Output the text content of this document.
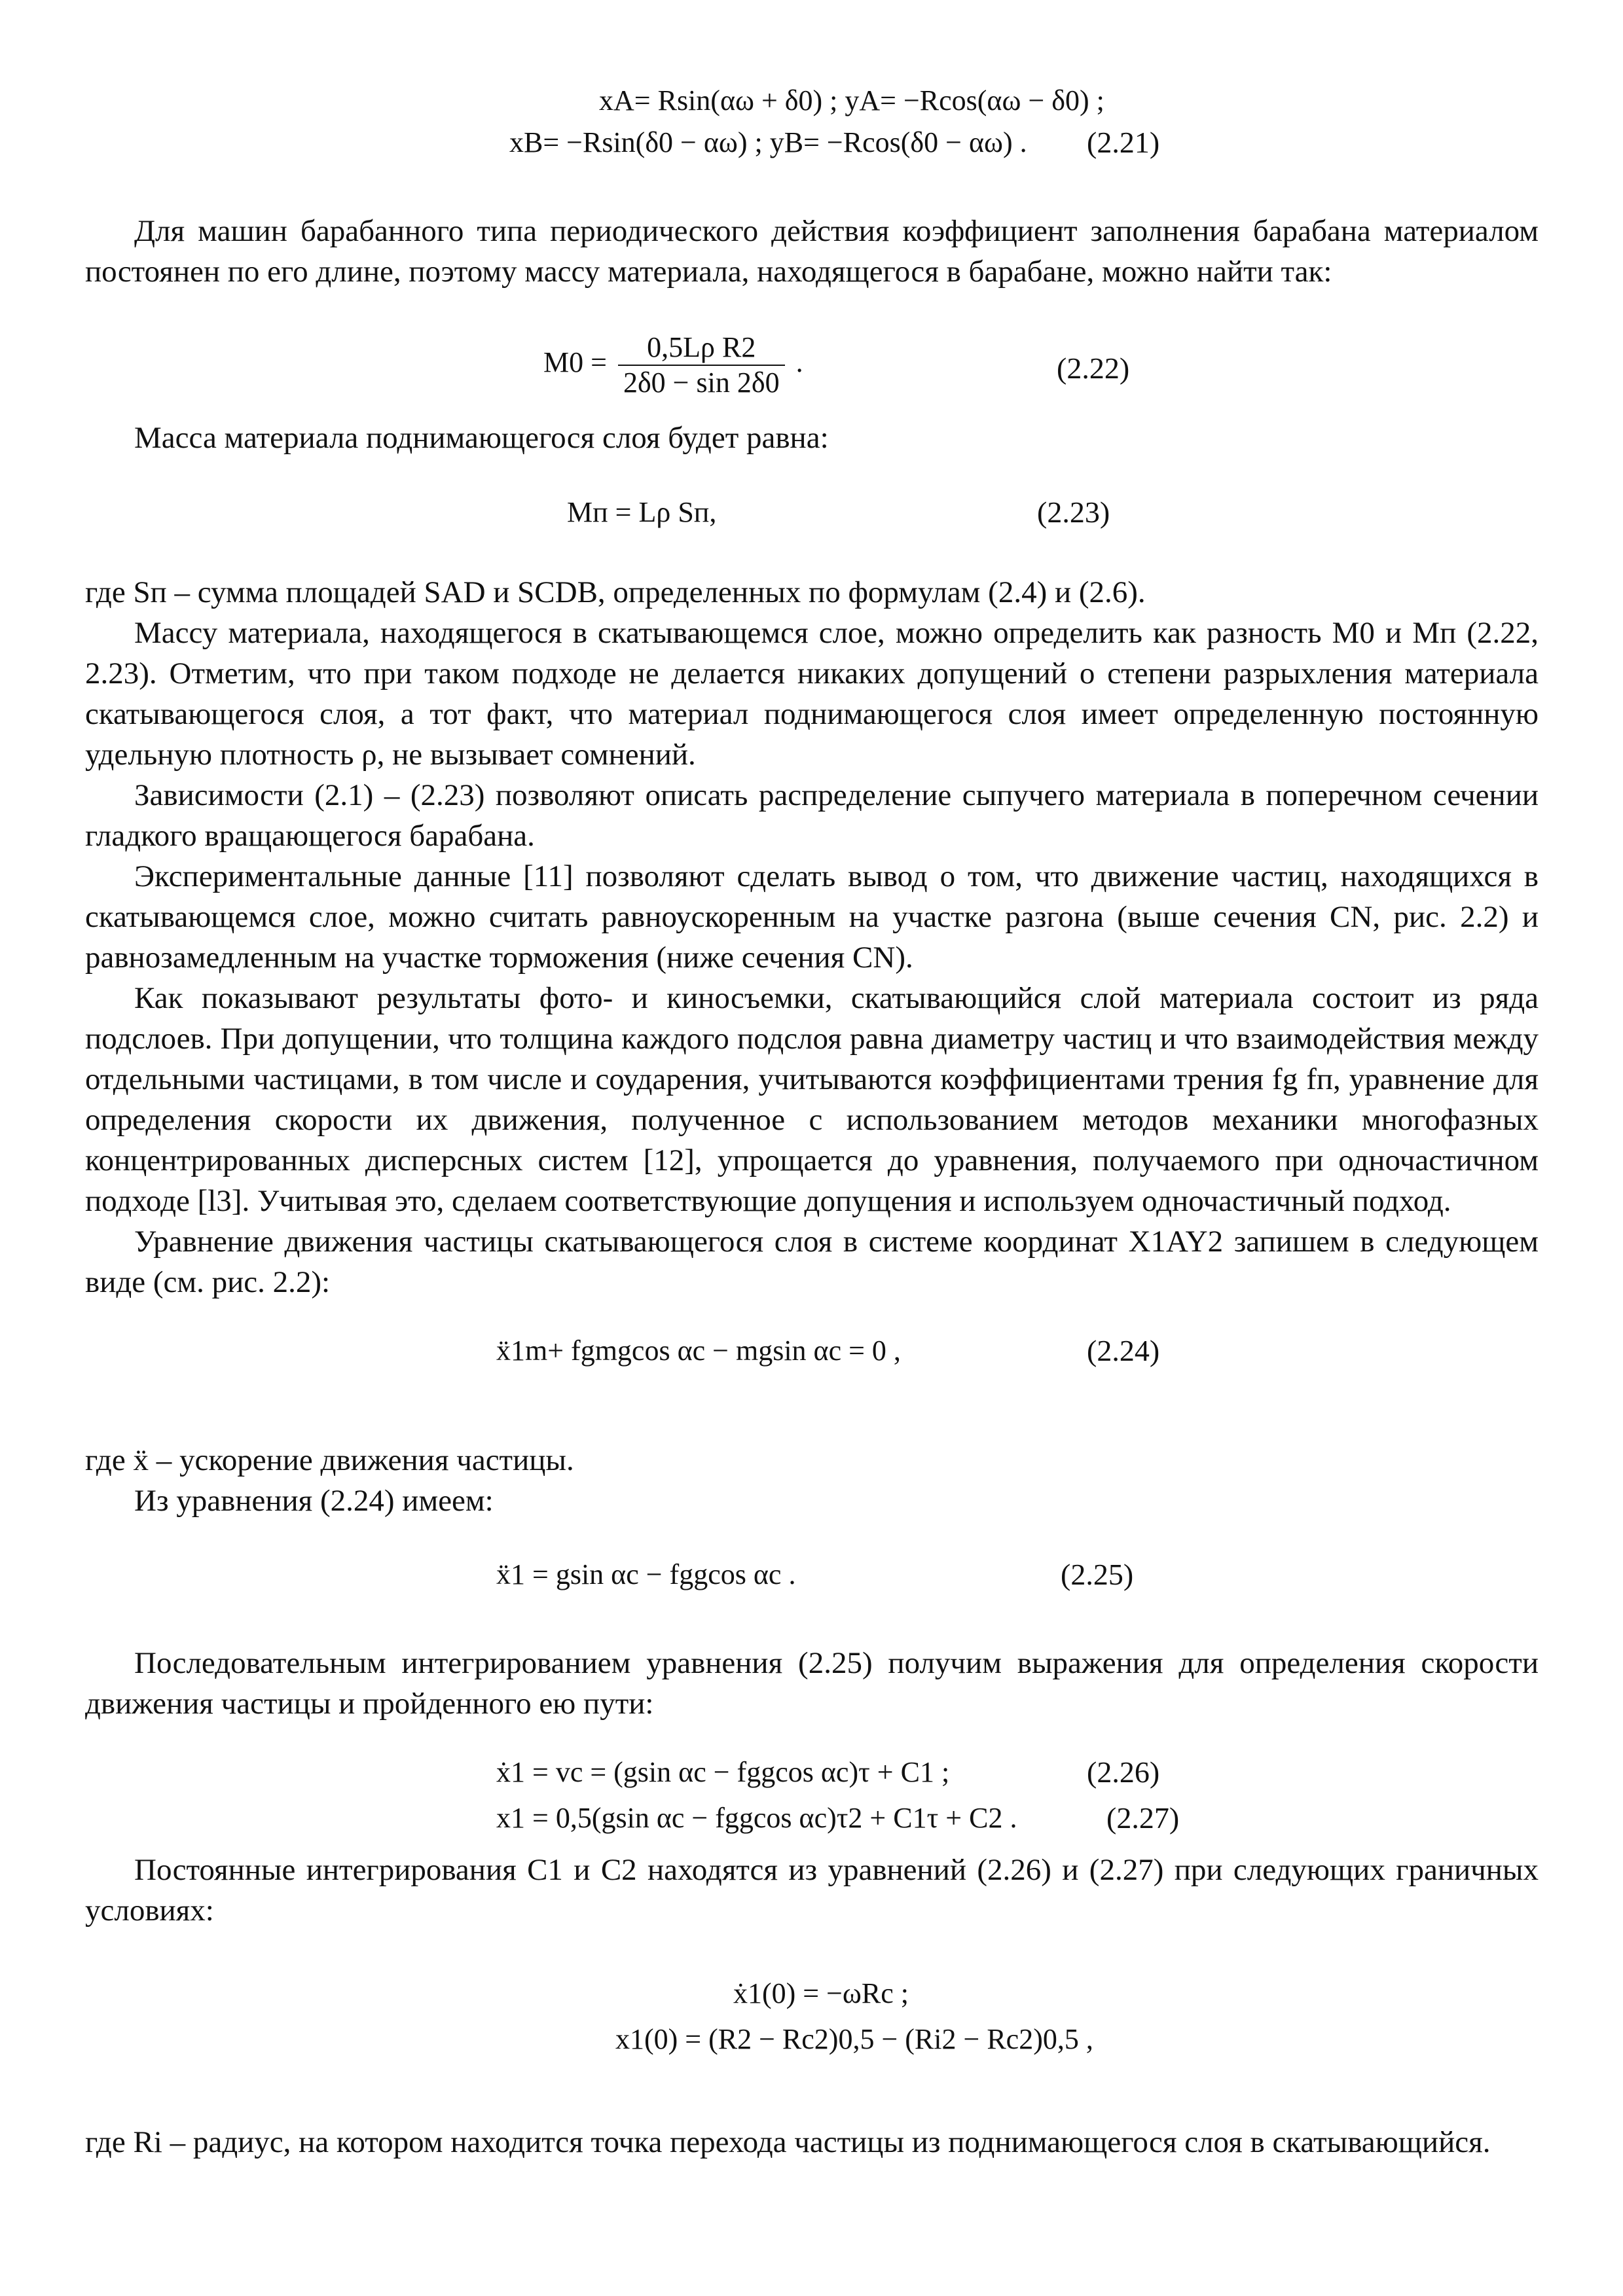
xA= Rsin(αω + δ0) ; yA= −Rcos(αω − δ0) ;
xB= −Rsin(δ0 − αω) ; yB= −Rcos(δ0 − αω) . (2.21)
Для машин барабанного типа периодического действия коэффициент заполнения барабана материалом постоянен по его длине, поэтому массу материала, находящегося в барабане, можно найти так:
$M0 = \frac{\text{0,5Lρ R2}}{2\delta 0 - \sin 2\delta 0}$ .	(2.22)
Масса материала поднимающегося слоя будет равна:
Mп = Lρ Sп,	(2.23)
где Sп – сумма площадей SAD и SCDB, определенных по формулам (2.4) и (2.6).
Массу материала, находящегося в скатывающемся слое, можно определить как разность M0 и Mп (2.22, 2.23). Отметим, что при таком подходе не делается никаких допущений о степени разрыхления материала скатывающегося слоя, а тот факт, что материал поднимающегося слоя имеет определенную постоянную удельную плотность ρ, не вызывает сомнений.
Зависимости (2.1) – (2.23) позволяют описать распределение сыпучего материала в поперечном сечении гладкого вращающегося барабана.
Экспериментальные данные [11] позволяют сделать вывод о том, что движение частиц, находящихся в скатывающемся слое, можно считать равноускоренным на участке разгона (выше сечения CN, рис. 2.2) и равнозамедленным на участке торможения (ниже сечения CN).
Как показывают результаты фото- и киносъемки, скатывающийся слой материала состоит из ряда подслоев. При допущении, что толщина каждого подслоя равна диаметру частиц и что взаимодействия между отдельными частицами, в том числе и соударения, учитываются коэффициентами трения fg fп, уравнение для определения скорости их движения, полученное с использованием методов механики многофазных концентрированных дисперсных систем [12], упрощается до уравнения, получаемого при одночастичном подходе [l3]. Учитывая это, сделаем соответствующие допущения и используем одночастичный подход.
Уравнение движения частицы скатывающегося слоя в системе координат X1AY2 запишем в следующем виде (см. рис. 2.2):
ẍ1m+ fgmgcos αc − mgsin αc = 0 ,	(2.24)
где ẍ – ускорение движения частицы.
Из уравнения (2.24) имеем:
ẍ1 = gsin αc − fggcos αc .	(2.25)
Последовательным интегрированием уравнения (2.25) получим выражения для определения скорости движения частицы и пройденного ею пути:
ẋ1 = vc = (gsin αc − fggcos αc)τ + C1 ;	(2.26)
x1 = 0,5(gsin αc − fggcos αc)τ2 + C1τ + C2 .	(2.27)
Постоянные интегрирования C1 и C2 находятся из уравнений (2.26) и (2.27) при следующих граничных условиях:
ẋ1(0) = −ωRc ;
x1(0) = (R2 − Rc2)0,5 − (Ri2 − Rc2)0,5 ,
где Ri – радиус, на котором находится точка перехода частицы из поднимающегося слоя в скатывающийся.
